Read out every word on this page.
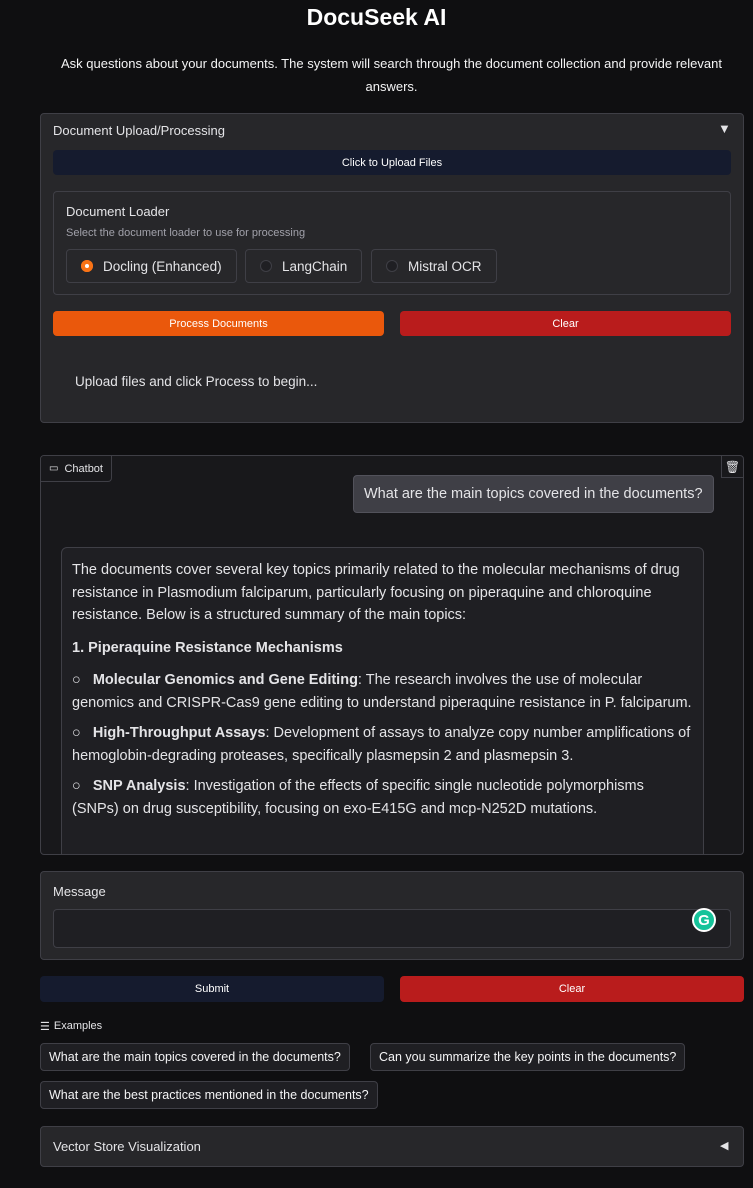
DocuSeek AI
Ask questions about your documents. The system will search through the document collection and provide relevant answers.
Document Upload/Processing	▼
Click to Upload Files
Document Loader
Select the document loader to use for processing
Docling (Enhanced)	LangChain	Mistral OCR
Process Documents	Clear
Upload files and click Process to begin...
▭ Chatbot	🗑
What are the main topics covered in the documents?

The documents cover several key topics primarily related to the molecular mechanisms of drug resistance in Plasmodium falciparum, particularly focusing on piperaquine and chloroquine resistance. Below is a structured summary of the main topics:

1. Piperaquine Resistance Mechanisms

○   Molecular Genomics and Gene Editing: The research involves the use of molecular genomics and CRISPR-Cas9 gene editing to understand piperaquine resistance in P. falciparum.
○   High-Throughput Assays: Development of assays to analyze copy number amplifications of hemoglobin-degrading proteases, specifically plasmepsin 2 and plasmepsin 3.
○   SNP Analysis: Investigation of the effects of specific single nucleotide polymorphisms (SNPs) on drug susceptibility, focusing on exo-E415G and mcp-N252D mutations.
Message
G
Submit	Clear
☰ Examples
What are the main topics covered in the documents?	Can you summarize the key points in the documents?
What are the best practices mentioned in the documents?
Vector Store Visualization	◀
